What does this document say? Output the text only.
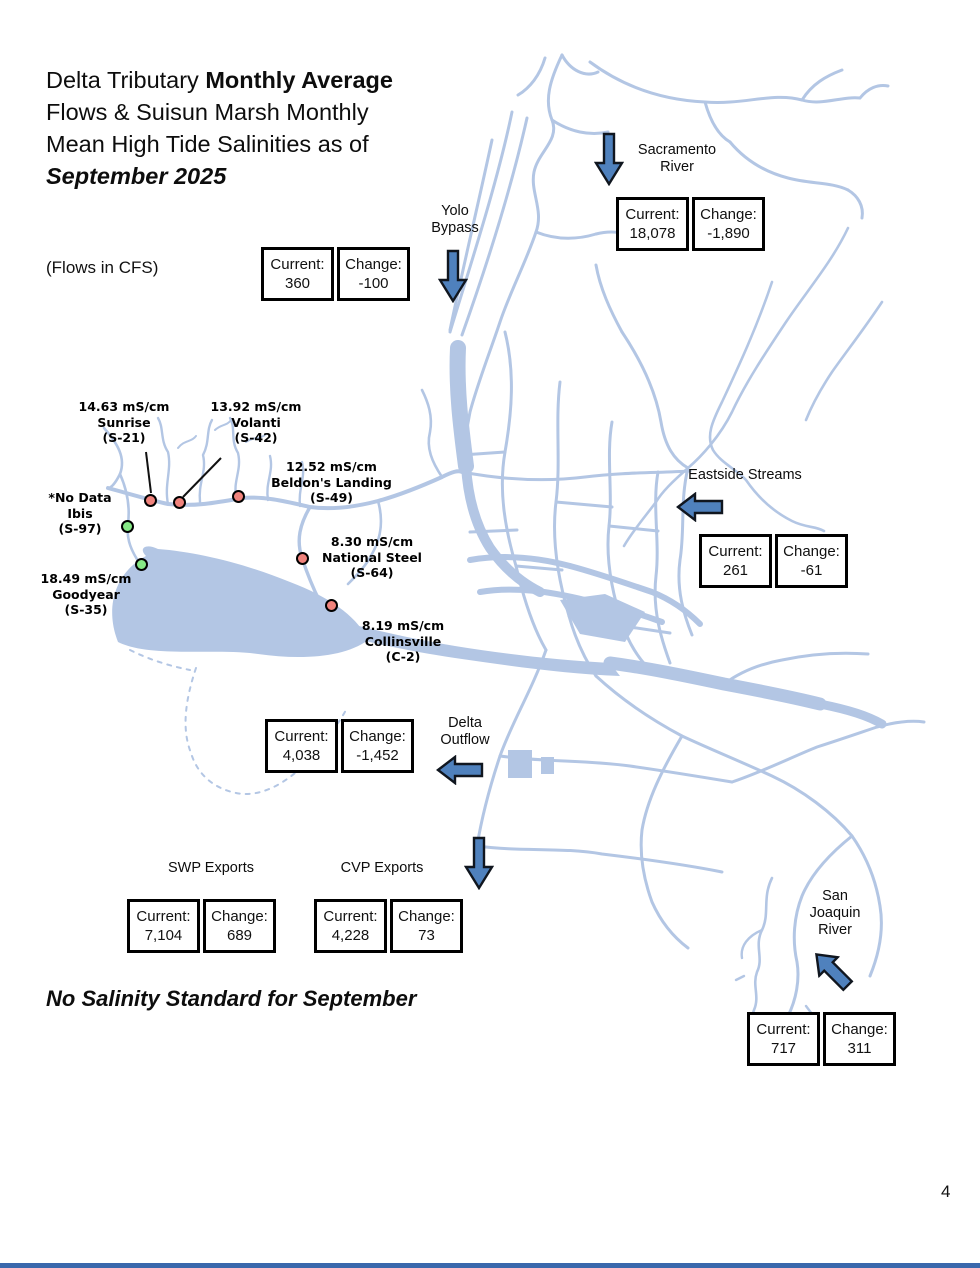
Delta Tributary Monthly Average
Flows & Suisun Marsh Monthly
Mean High Tide Salinities as of
September 2025
(Flows in CFS)
Yolo
Bypass
Sacramento
River
Eastside Streams
Delta
Outflow
SWP Exports	CVP Exports
San
Joaquin
River
Current:
360
Change:
-100
Current:
18,078
Change:
-1,890
Current:
261
Change:
-61
Current:
4,038
Change:
-1,452
Current:
7,104
Change:
689
Current:
4,228
Change:
73
Current:
717
Change:
311
14.63 mS/cm
Sunrise
(S-21)
13.92 mS/cm
Volanti
(S-42)
12.52 mS/cm
Beldon's Landing
(S-49)
*No Data
Ibis
(S-97)
8.30 mS/cm
National Steel
(S-64)
18.49 mS/cm
Goodyear
(S-35)
8.19 mS/cm
Collinsville
(C-2)
No Salinity Standard for September
4
